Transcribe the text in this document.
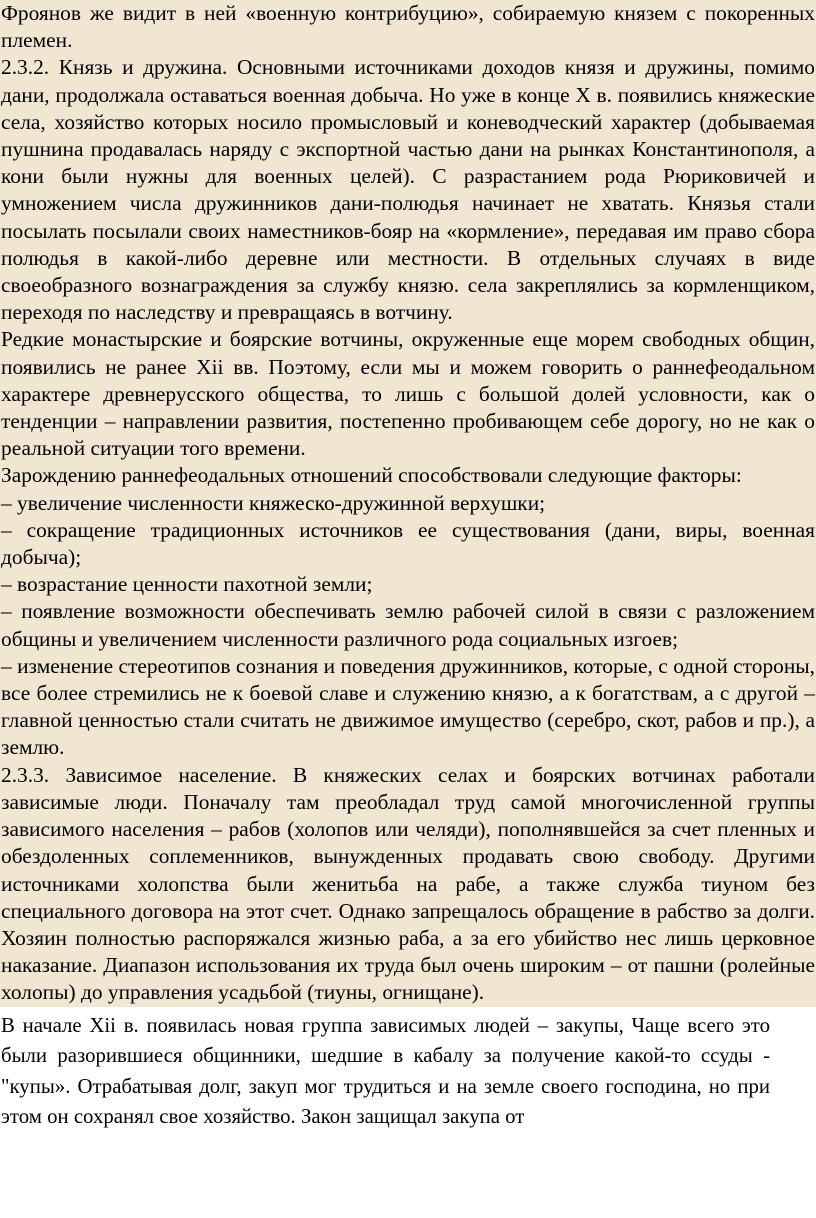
Фроянов же видит в ней «военную контрибуцию», собираемую князем с покоренных племен.

2.3.2. Князь и дружина. Основными источниками доходов князя и дружины, помимо дани, продолжала оставаться военная добыча. Но уже в конце X в. появились княжеские села, хозяйство которых носило промысловый и коневодческий характер (добываемая пушнина продавалась наряду с экспортной частью дани на рынках Константинополя, а кони были нужны для военных целей). С разрастанием рода Рюриковичей и умножением числа дружинников дани-полюдья начинает не хватать. Князья стали посылать посылали своих наместников-бояр на «кормление», передавая им право сбора полюдья в какой-либо деревне или местности. В отдельных случаях в виде своеобразного вознаграждения за службу князю. села закреплялись за кормленщиком, переходя по наследству и превращаясь в вотчину.

Редкие монастырские и боярские вотчины, окруженные еще морем свободных общин, появились не ранее Xii вв. Поэтому, если мы и можем говорить о раннефеодальном характере древнерусского общества, то лишь с большой долей условности, как о тенденции – направлении развития, постепенно пробивающем себе дорогу, но не как о реальной ситуации того времени.

Зарождению раннефеодальных отношений способствовали следующие факторы:

– увеличение численности княжеско-дружинной верхушки;

– сокращение традиционных источников ее существования (дани, виры, военная добыча);

– возрастание ценности пахотной земли;

– появление возможности обеспечивать землю рабочей силой в связи с разложением общины и увеличением численности различного рода социальных изгоев;

– изменение стереотипов сознания и поведения дружинников, которые, с одной стороны, все более стремились не к боевой славе и служению князю, а к богатствам, а с другой – главной ценностью стали считать не движимое имущество (серебро, скот, рабов и пр.), а землю.

2.3.3. Зависимое население. В княжеских селах и боярских вотчинах работали зависимые люди. Поначалу там преобладал труд самой многочисленной группы зависимого населения – рабов (холопов или челяди), пополнявшейся за счет пленных и обездоленных соплеменников, вынужденных продавать свою свободу. Другими источниками холопства были женитьба на рабе, а также служба тиуном без специального договора на этот счет. Однако запрещалось обращение в рабство за долги. Хозяин полностью распоряжался жизнью раба, а за его убийство нес лишь церковное наказание. Диапазон использования их труда был очень широким – от пашни (ролейные холопы) до управления усадьбой (тиуны, огнищане).

В начале Xii в. появилась новая группа зависимых людей – закупы, Чаще всего это были разорившиеся общинники, шедшие в кабалу за получение какой-то ссуды -"купы». Отрабатывая долг, закуп мог трудиться и на земле своего господина, но при этом он сохранял свое хозяйство. Закон защищал закупа от
